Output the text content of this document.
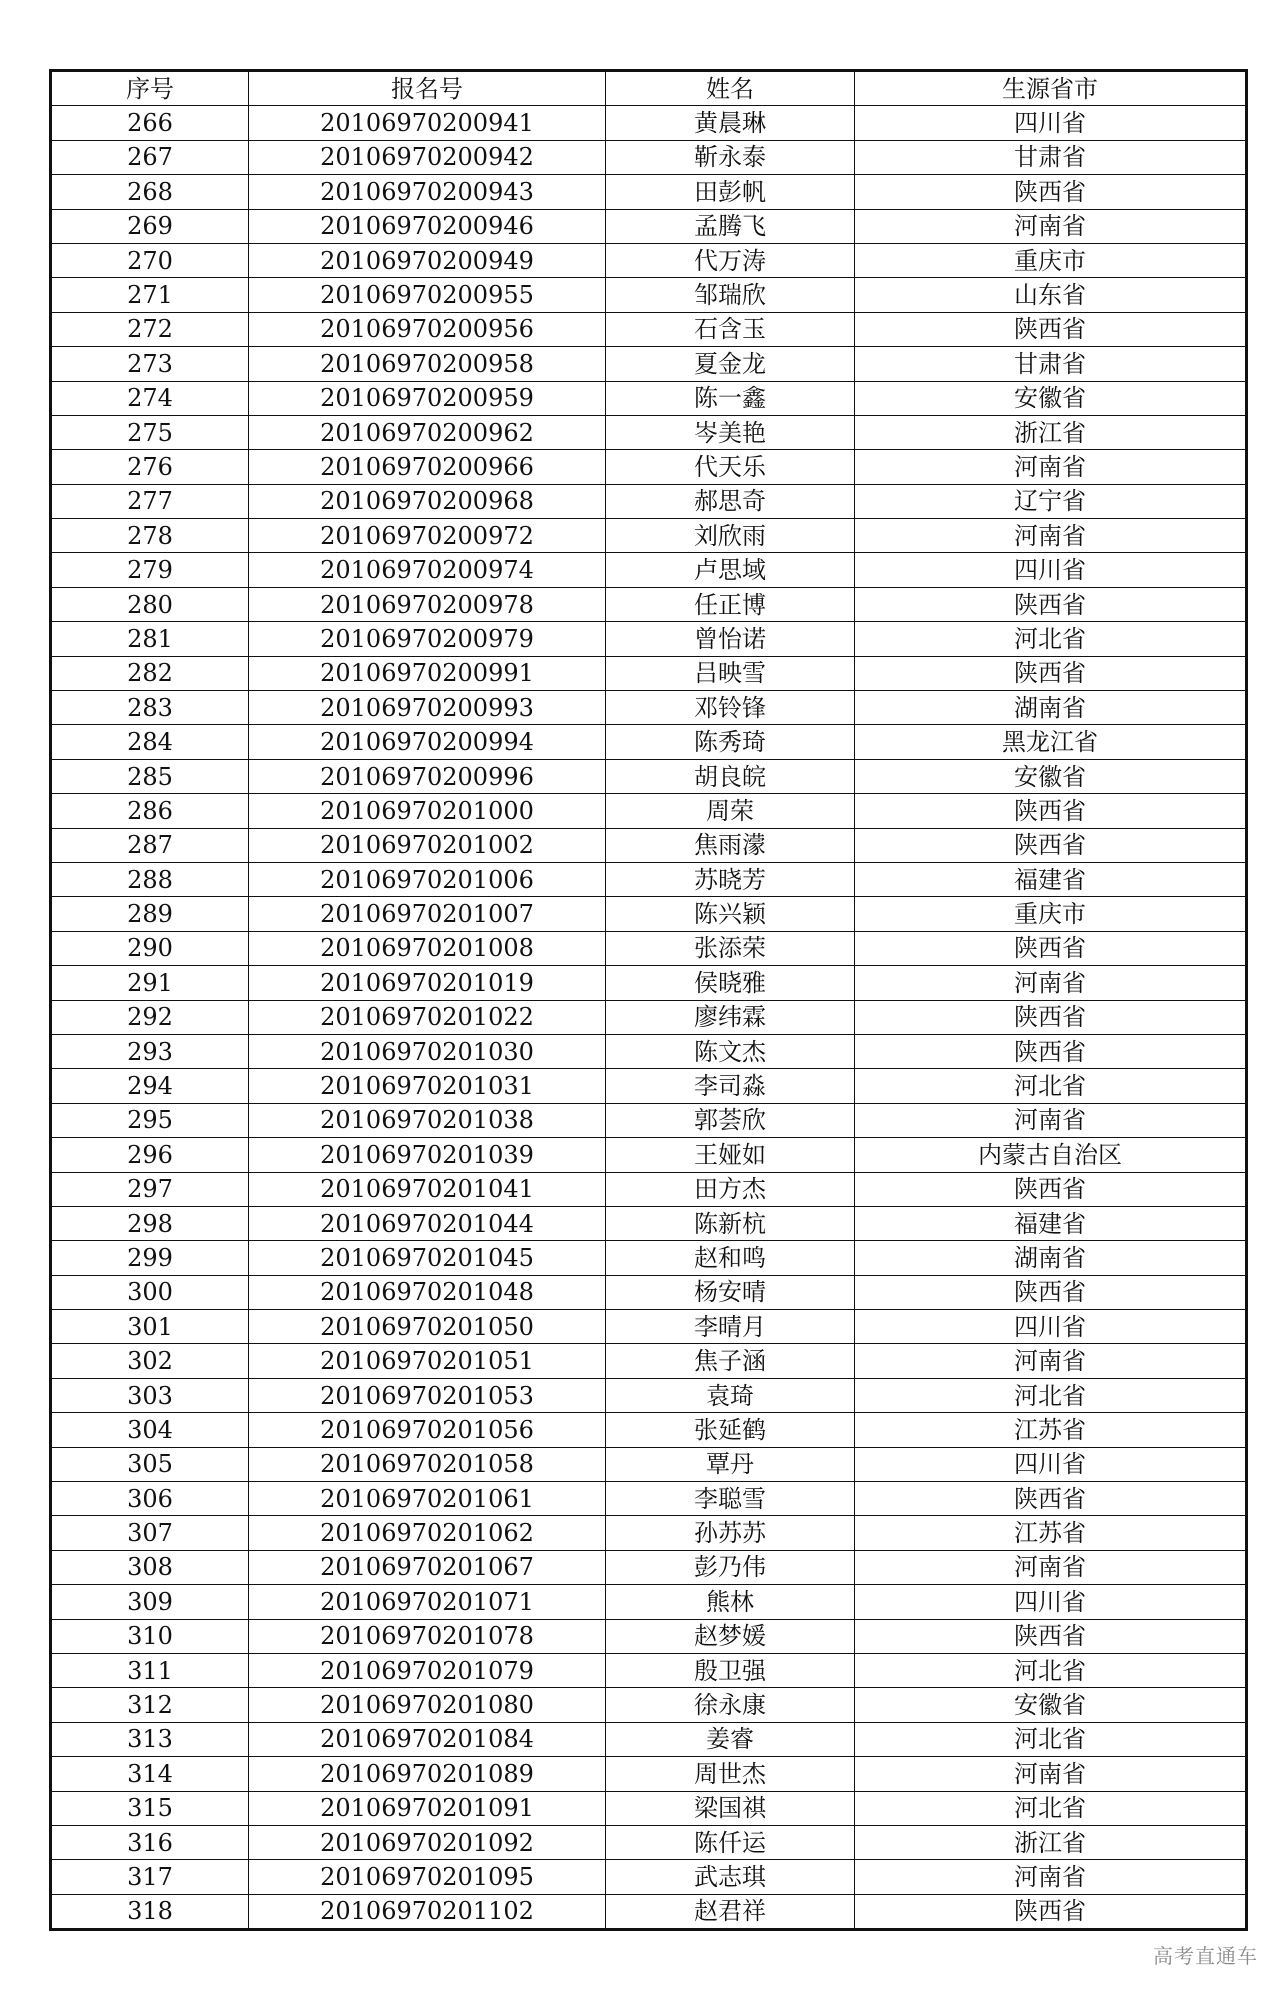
序号	报名号	姓名	生源省市
266	20106970200941	黄晨琳	四川省
267	20106970200942	靳永泰	甘肃省
268	20106970200943	田彭帆	陕西省
269	20106970200946	孟腾飞	河南省
270	20106970200949	代万涛	重庆市
271	20106970200955	邹瑞欣	山东省
272	20106970200956	石含玉	陕西省
273	20106970200958	夏金龙	甘肃省
274	20106970200959	陈一鑫	安徽省
275	20106970200962	岑美艳	浙江省
276	20106970200966	代天乐	河南省
277	20106970200968	郝思奇	辽宁省
278	20106970200972	刘欣雨	河南省
279	20106970200974	卢思域	四川省
280	20106970200978	任正博	陕西省
281	20106970200979	曾怡诺	河北省
282	20106970200991	吕映雪	陕西省
283	20106970200993	邓铃锋	湖南省
284	20106970200994	陈秀琦	黑龙江省
285	20106970200996	胡良皖	安徽省
286	20106970201000	周荣	陕西省
287	20106970201002	焦雨濛	陕西省
288	20106970201006	苏晓芳	福建省
289	20106970201007	陈兴颖	重庆市
290	20106970201008	张添荣	陕西省
291	20106970201019	侯晓雅	河南省
292	20106970201022	廖纬霖	陕西省
293	20106970201030	陈文杰	陕西省
294	20106970201031	李司淼	河北省
295	20106970201038	郭荟欣	河南省
296	20106970201039	王娅如	内蒙古自治区
297	20106970201041	田方杰	陕西省
298	20106970201044	陈新杭	福建省
299	20106970201045	赵和鸣	湖南省
300	20106970201048	杨安晴	陕西省
301	20106970201050	李晴月	四川省
302	20106970201051	焦子涵	河南省
303	20106970201053	袁琦	河北省
304	20106970201056	张延鹤	江苏省
305	20106970201058	覃丹	四川省
306	20106970201061	李聪雪	陕西省
307	20106970201062	孙苏苏	江苏省
308	20106970201067	彭乃伟	河南省
309	20106970201071	熊林	四川省
310	20106970201078	赵梦媛	陕西省
311	20106970201079	殷卫强	河北省
312	20106970201080	徐永康	安徽省
313	20106970201084	姜睿	河北省
314	20106970201089	周世杰	河南省
315	20106970201091	梁国祺	河北省
316	20106970201092	陈仟运	浙江省
317	20106970201095	武志琪	河南省
318	20106970201102	赵君祥	陕西省
高考直通车
